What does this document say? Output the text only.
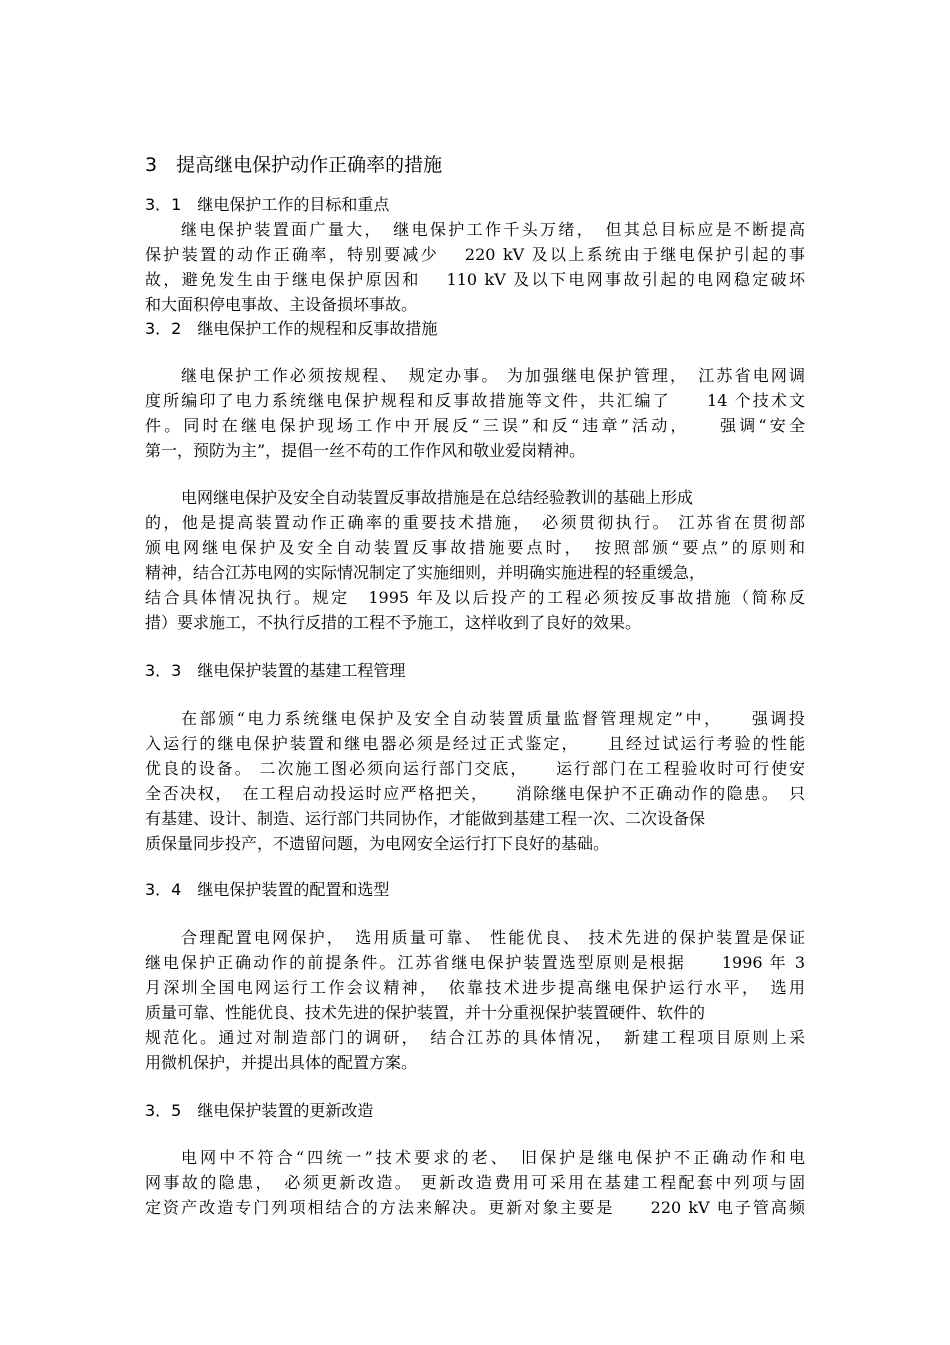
3　提高继电保护动作正确率的措施
3．1　继电保护工作的目标和重点
继电保护装置面广量大，　继电保护工作千头万绪，　但其总目标应是不断提高
保护装置的动作正确率，特别要减少　 220 kV 及以上系统由于继电保护引起的事
故，避免发生由于继电保护原因和　 110 kV 及以下电网事故引起的电网稳定破坏
和大面积停电事故、主设备损坏事故。
3．2　继电保护工作的规程和反事故措施
继电保护工作必须按规程、　规定办事。 为加强继电保护管理，　江苏省电网调
度所编印了电力系统继电保护规程和反事故措施等文件，共汇编了　　14 个技术文
件。同时在继电保护现场工作中开展反“三误”和反“违章”活动，　　强调“安全
第一，预防为主”，提倡一丝不苟的工作作风和敬业爱岗精神。
电网继电保护及安全自动装置反事故措施是在总结经验教训的基础上形成
的，他是提高装置动作正确率的重要技术措施，　必须贯彻执行。 江苏省在贯彻部
颁电网继电保护及安全自动装置反事故措施要点时，　按照部颁“要点”的原则和
精神，结合江苏电网的实际情况制定了实施细则，并明确实施进程的轻重缓急，
结合具体情况执行。规定　1995 年及以后投产的工程必须按反事故措施（简称反
措）要求施工，不执行反措的工程不予施工，这样收到了良好的效果。
3．3　继电保护装置的基建工程管理
在部颁“电力系统继电保护及安全自动装置质量监督管理规定”中，　　强调投
入运行的继电保护装置和继电器必须是经过正式鉴定，　　且经过试运行考验的性能
优良的设备。 二次施工图必须向运行部门交底，　　运行部门在工程验收时可行使安
全否决权，　在工程启动投运时应严格把关，　　消除继电保护不正确动作的隐患。　只
有基建、设计、制造、运行部门共同协作，才能做到基建工程一次、二次设备保
质保量同步投产，不遗留问题，为电网安全运行打下良好的基础。
3．4　继电保护装置的配置和选型
合理配置电网保护，　选用质量可靠、 性能优良、 技术先进的保护装置是保证
继电保护正确动作的前提条件。江苏省继电保护装置选型原则是根据　　1996 年 3
月深圳全国电网运行工作会议精神，　依靠技术进步提高继电保护运行水平，　选用
质量可靠、性能优良、技术先进的保护装置，并十分重视保护装置硬件、软件的
规范化。通过对制造部门的调研，　结合江苏的具体情况，　新建工程项目原则上采
用微机保护，并提出具体的配置方案。
3．5　继电保护装置的更新改造
电网中不符合“四统一”技术要求的老、　旧保护是继电保护不正确动作和电
网事故的隐患，　必须更新改造。 更新改造费用可采用在基建工程配套中列项与固
定资产改造专门列项相结合的方法来解决。更新对象主要是　　220 kV 电子管高频
